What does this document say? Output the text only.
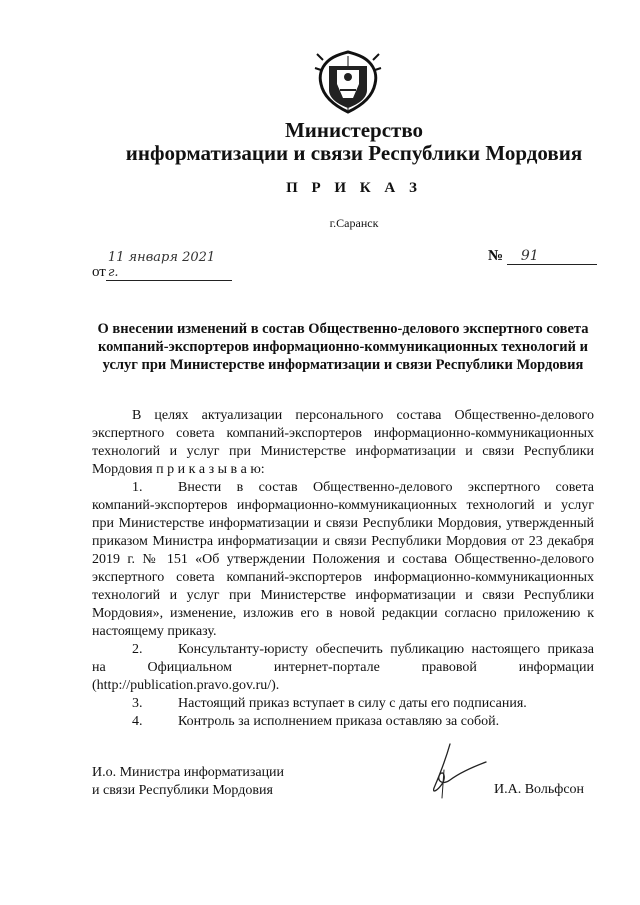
Министерство
информатизации и связи Республики Мордовия
П Р И К А З
г.Саранск
от11 января 2021 г.
№ 91
О внесении изменений в состав Общественно-делового экспертного совета компаний-экспортеров информационно-коммуникационных технологий и услуг при Министерстве информатизации и связи Республики Мордовия

В целях актуализации персонального состава Общественно-делового экспертного совета компаний-экспортеров информационно-коммуникационных технологий и услуг при Министерстве информатизации и связи Республики Мордовия п р и к а з ы в а ю:

1.	Внести в состав Общественно-делового экспертного совета компаний-экспортеров информационно-коммуникационных технологий и услуг при Министерстве информатизации и связи Республики Мордовия, утвержденный приказом Министра информатизации и связи Республики Мордовия от 23 декабря 2019 г. № 151 «Об утверждении Положения и состава Общественно-делового экспертного совета компаний-экспортеров информационно-коммуникационных технологий и услуг при Министерстве информатизации и связи Республики Мордовия», изменение, изложив его в новой редакции согласно приложению к настоящему приказу.

2.	Консультанту-юристу обеспечить публикацию настоящего приказа на Официальном интернет-портале правовой информации (http://publication.pravo.gov.ru/).

3.	Настоящий приказ вступает в силу с даты его подписания.

4.	Контроль за исполнением приказа оставляю за собой.

И.о. Министра информатизации
и связи Республики Мордовия	И.А. Вольфсон
